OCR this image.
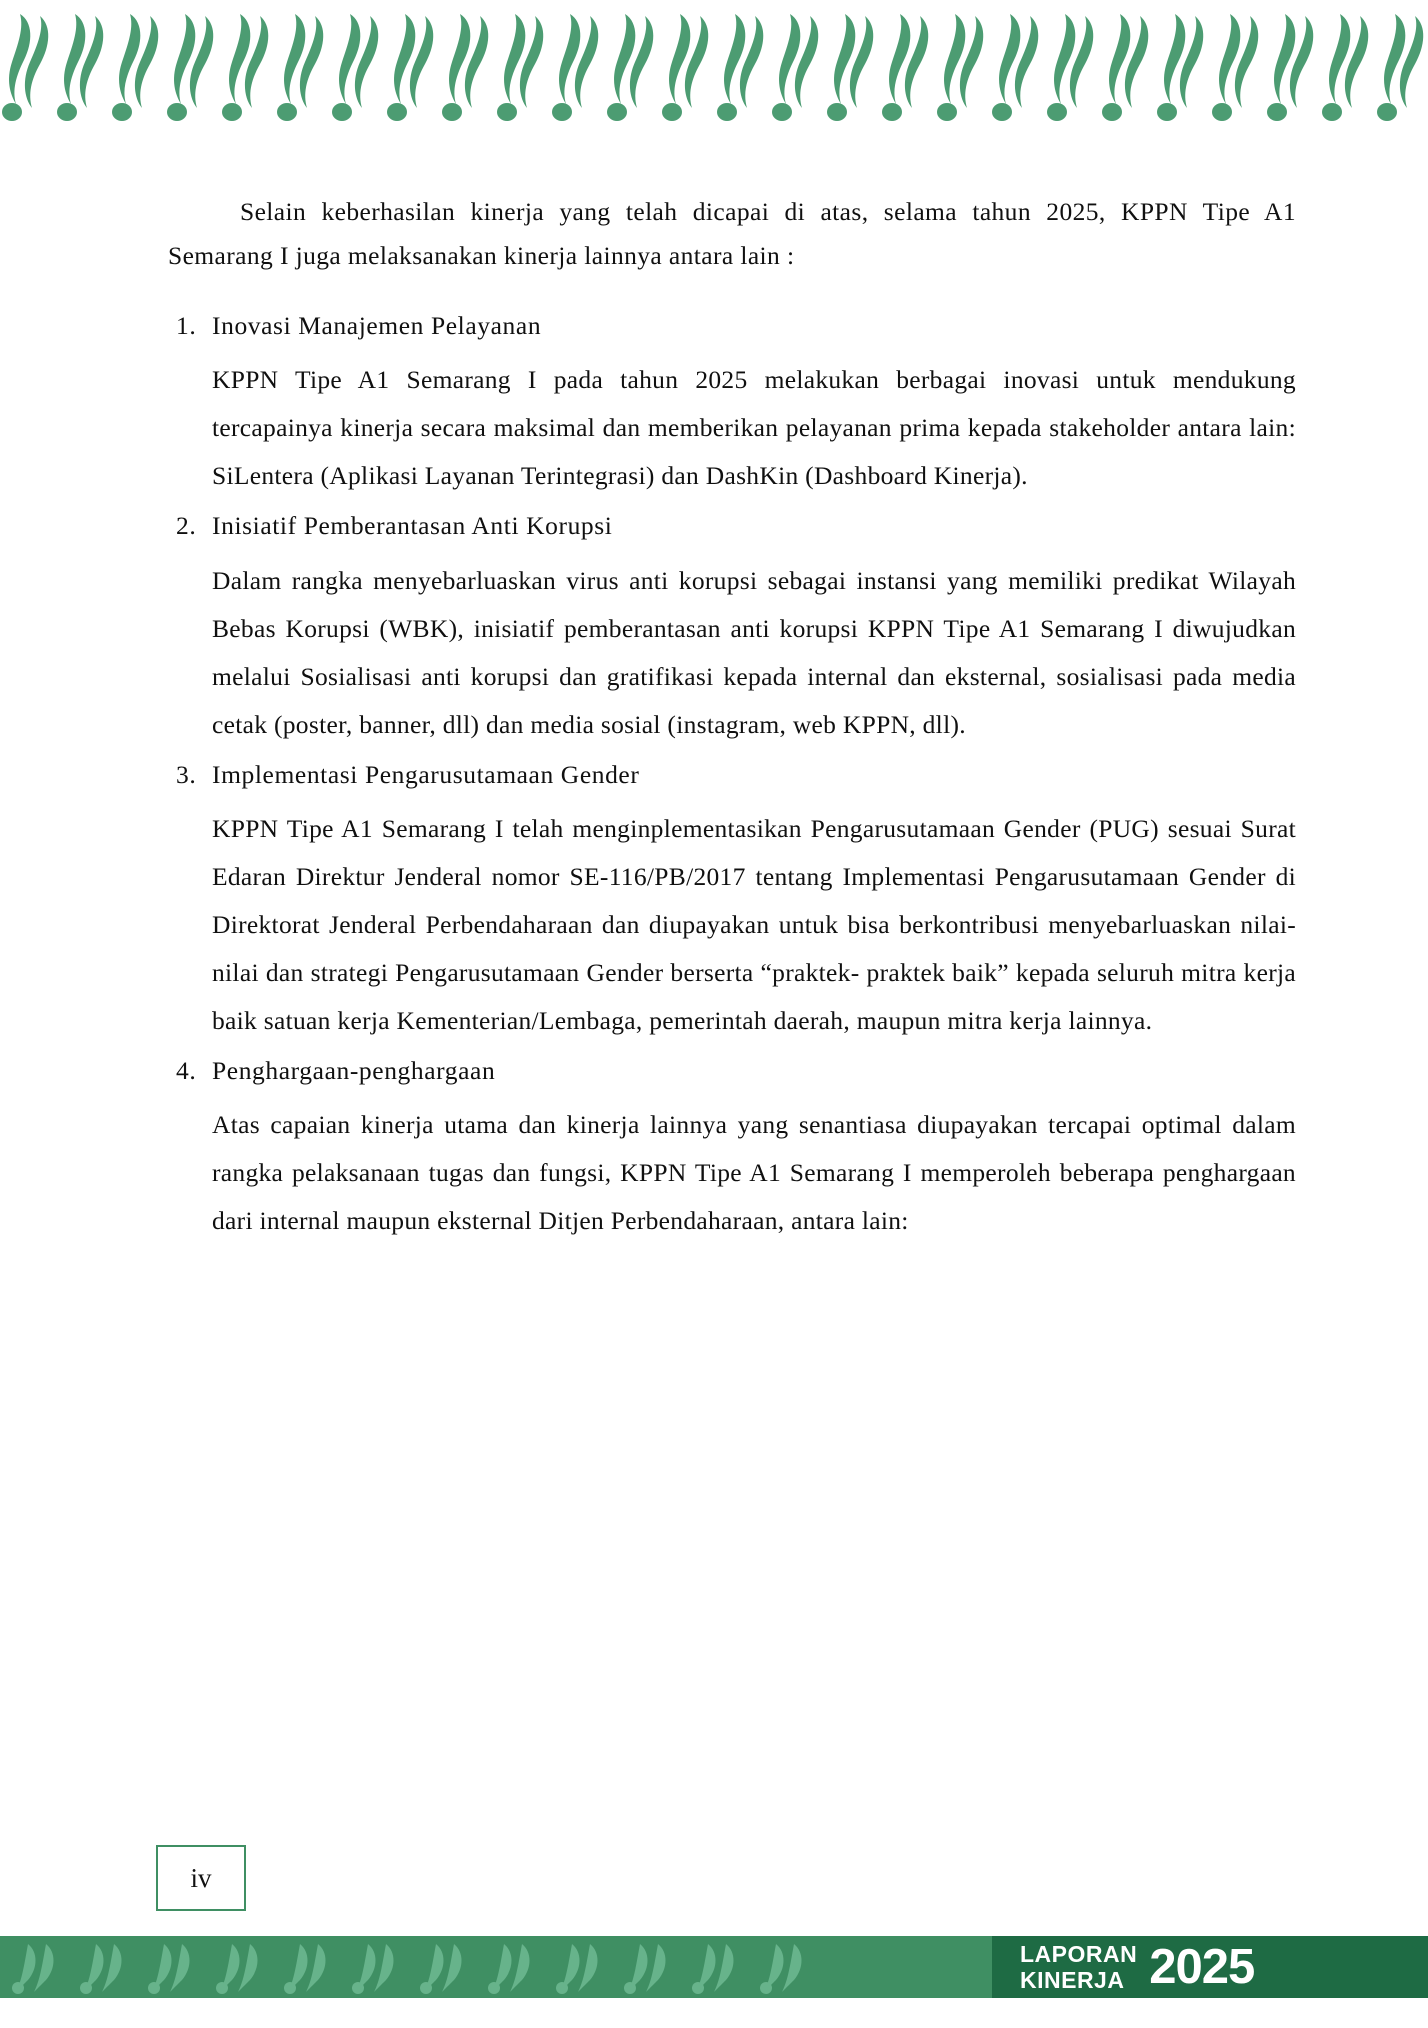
Selain keberhasilan kinerja yang telah dicapai di atas, selama tahun 2025, KPPN Tipe A1 Semarang I juga melaksanakan kinerja lainnya antara lain :

1. Inovasi Manajemen Pelayanan
KPPN Tipe A1 Semarang I pada tahun 2025 melakukan berbagai inovasi untuk mendukung tercapainya kinerja secara maksimal dan memberikan pelayanan prima kepada stakeholder antara lain: SiLentera (Aplikasi Layanan Terintegrasi) dan DashKin (Dashboard Kinerja).
2. Inisiatif Pemberantasan Anti Korupsi
Dalam rangka menyebarluaskan virus anti korupsi sebagai instansi yang memiliki predikat Wilayah Bebas Korupsi (WBK), inisiatif pemberantasan anti korupsi KPPN Tipe A1 Semarang I diwujudkan melalui Sosialisasi anti korupsi dan gratifikasi kepada internal dan eksternal, sosialisasi pada media cetak (poster, banner, dll) dan media sosial (instagram, web KPPN, dll).
3. Implementasi Pengarusutamaan Gender
KPPN Tipe A1 Semarang I telah menginplementasikan Pengarusutamaan Gender (PUG) sesuai Surat Edaran Direktur Jenderal nomor SE-116/PB/2017 tentang Implementasi Pengarusutamaan Gender di Direktorat Jenderal Perbendaharaan dan diupayakan untuk bisa berkontribusi menyebarluaskan nilai-nilai dan strategi Pengarusutamaan Gender berserta “praktek- praktek baik” kepada seluruh mitra kerja baik satuan kerja Kementerian/Lembaga, pemerintah daerah, maupun mitra kerja lainnya.
4. Penghargaan-penghargaan
Atas capaian kinerja utama dan kinerja lainnya yang senantiasa diupayakan tercapai optimal dalam rangka pelaksanaan tugas dan fungsi, KPPN Tipe A1 Semarang I memperoleh beberapa penghargaan dari internal maupun eksternal Ditjen Perbendaharaan, antara lain:
iv
LAPORAN
KINERJA 2025
